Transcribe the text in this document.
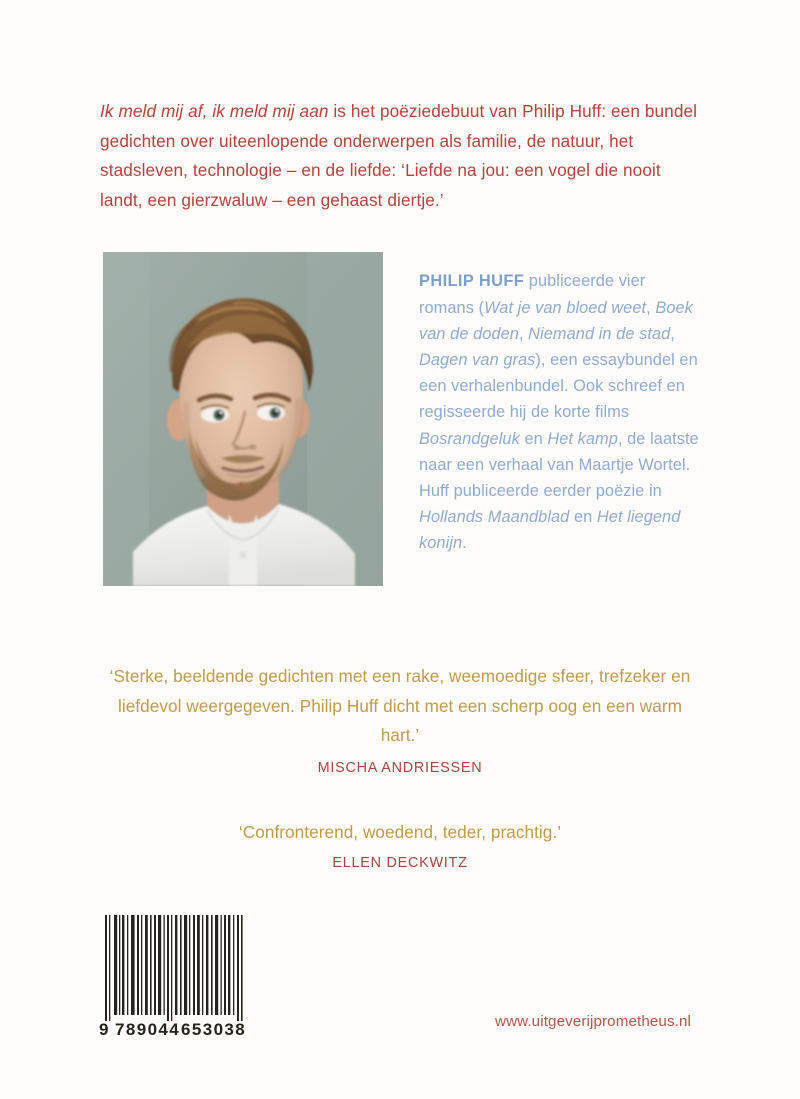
Ik meld mij af, ik meld mij aan is het poëziedebuut van Philip Huff: een bundel gedichten over uiteenlopende onderwerpen als familie, de natuur, het stadsleven, technologie – en de liefde: ‘Liefde na jou: een vogel die nooit landt, een gierzwaluw – een gehaast diertje.’

PHILIP HUFF publiceerde vier romans (Wat je van bloed weet, Boek van de doden, Niemand in de stad, Dagen van gras), een essaybundel en een verhalenbundel. Ook schreef en regisseerde hij de korte films Bosrandgeluk en Het kamp, de laatste naar een verhaal van Maartje Wortel.
Huff publiceerde eerder poëzie in Hollands Maandblad en Het liegend konijn.

‘Sterke, beeldende gedichten met een rake, weemoedige sfeer, trefzeker en liefdevol weergegeven. Philip Huff dicht met een scherp oog en een warm hart.’
MISCHA ANDRIESSEN
‘Confronterend, woedend, teder, prachtig.’
ELLEN DECKWITZ
9 789044 653038	www.uitgeverijprometheus.nl
